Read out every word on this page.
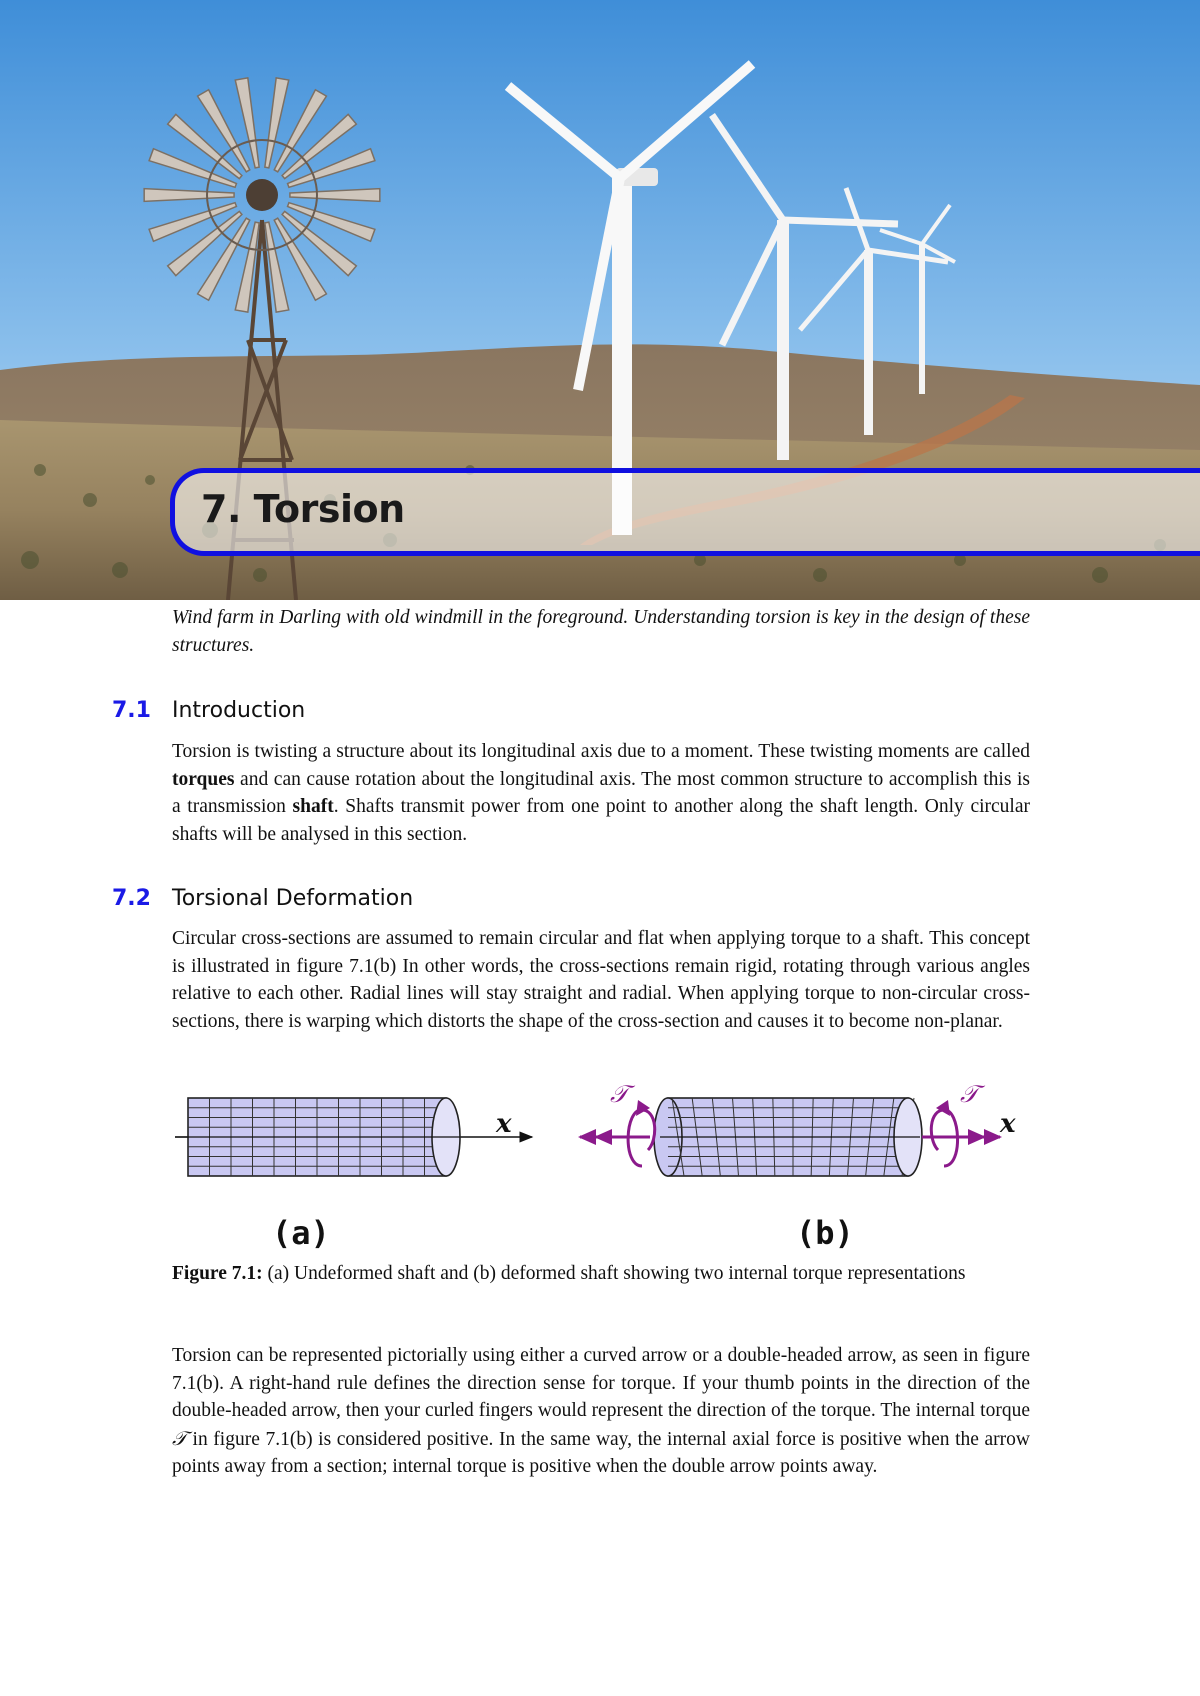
7. Torsion

Wind farm in Darling with old windmill in the foreground. Understanding torsion is key in the design of these structures.

7.1 Introduction

Torsion is twisting a structure about its longitudinal axis due to a moment. These twisting moments are called torques and can cause rotation about the longitudinal axis. The most common structure to accomplish this is a transmission shaft. Shafts transmit power from one point to another along the shaft length. Only circular shafts will be analysed in this section.

7.2 Torsional Deformation

Circular cross-sections are assumed to remain circular and flat when applying torque to a shaft. This concept is illustrated in figure 7.1(b) In other words, the cross-sections remain rigid, rotating through various angles relative to each other. Radial lines will stay straight and radial. When applying torque to non-circular cross-sections, there is warping which distorts the shape of the cross-section and causes it to become non-planar.

x
(a)
𝒯	𝒯
x
(b)

Figure 7.1: (a) Undeformed shaft and (b) deformed shaft showing two internal torque representations

Torsion can be represented pictorially using either a curved arrow or a double-headed arrow, as seen in figure 7.1(b). A right-hand rule defines the direction sense for torque. If your thumb points in the direction of the double-headed arrow, then your curled fingers would represent the direction of the torque. The internal torque 𝒯 in figure 7.1(b) is considered positive. In the same way, the internal axial force is positive when the arrow points away from a section; internal torque is positive when the double arrow points away.
